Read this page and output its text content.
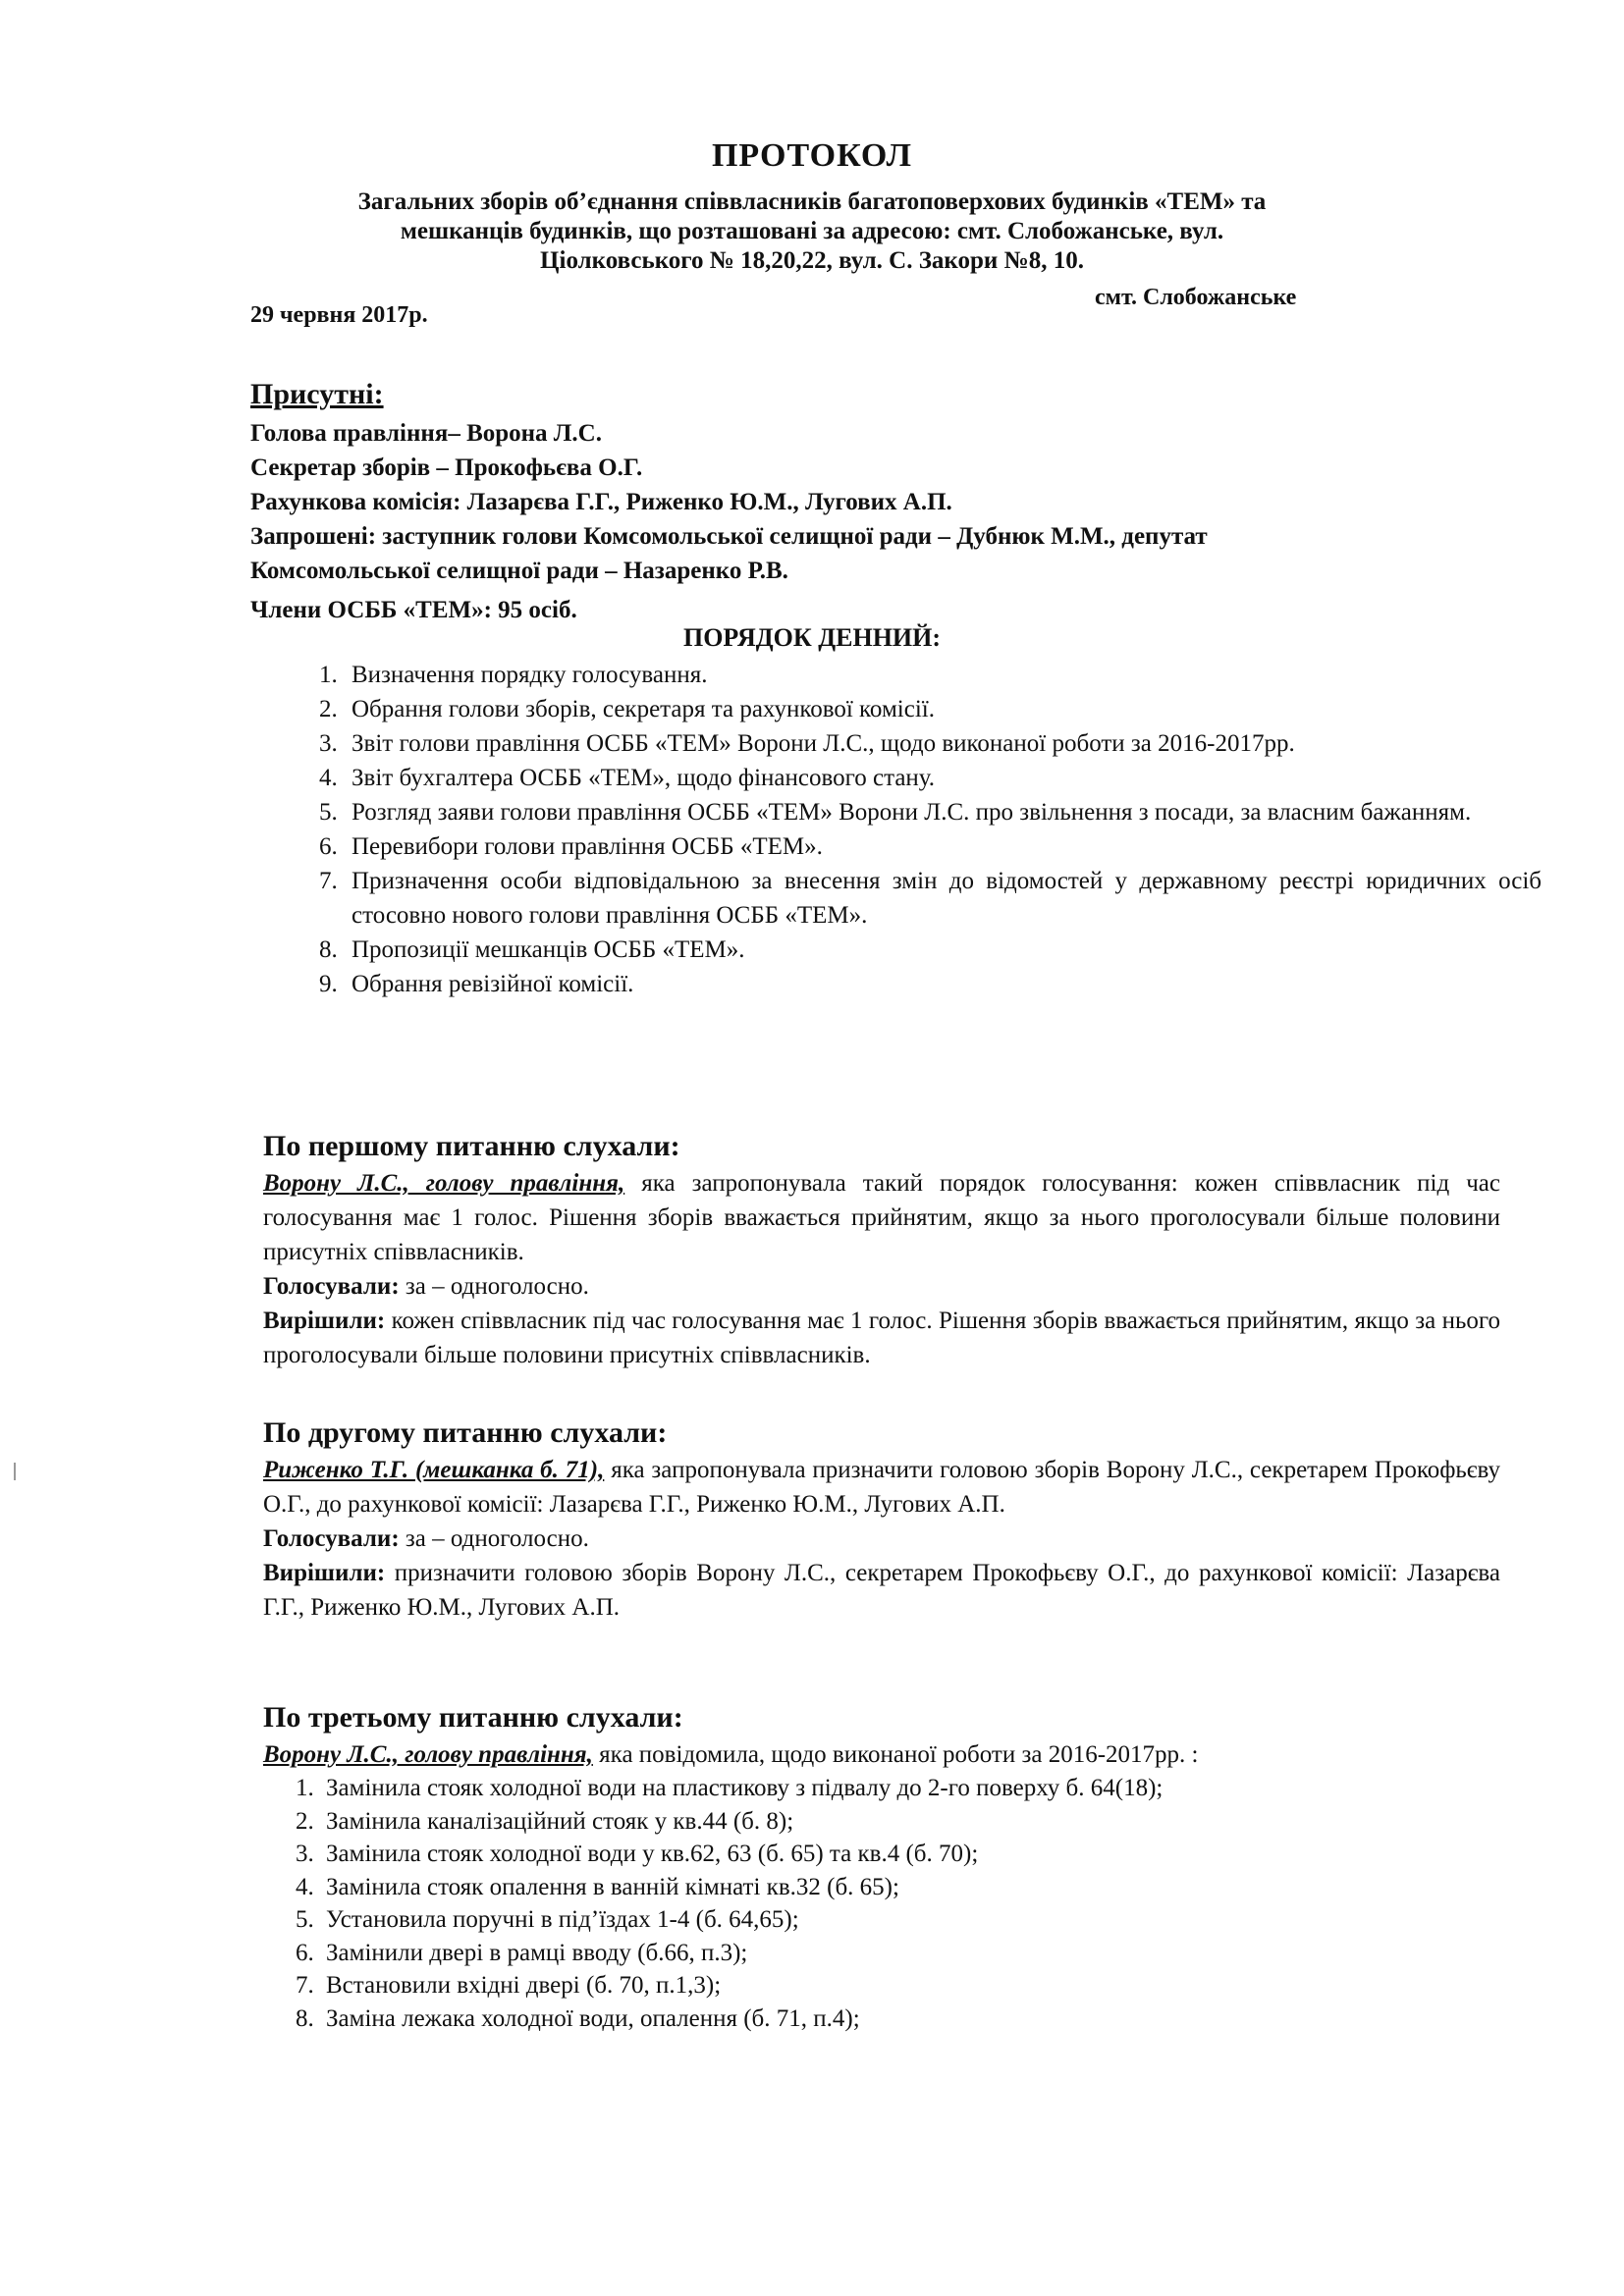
ПРОТОКОЛ
Загальних зборів об’єднання співвласників багатоповерхових будинків «ТЕМ» та
мешканців будинків, що розташовані за адресою: смт. Слобожанське, вул.
Ціолковського № 18,20,22, вул. С. Закори №8, 10.
29 червня 2017р.
смт. Слобожанське
Присутні:
Голова правління– Ворона Л.С.
Секретар зборів – Прокофьєва О.Г.
Рахункова комісія: Лазарєва Г.Г., Риженко Ю.М., Лугових А.П.
Запрошені: заступник голови Комсомольської селищної ради – Дубнюк М.М., депутат
Комсомольської селищної ради – Назаренко Р.В.
Члени ОСББ «ТЕМ»: 95 осіб.
ПОРЯДОК ДЕННИЙ:
1. Визначення порядку голосування.
2. Обрання голови зборів, секретаря та рахункової комісії.
3. Звіт голови правління ОСББ «ТЕМ» Ворони Л.С., щодо виконаної роботи за 2016-2017рр.
4. Звіт бухгалтера ОСББ «ТЕМ», щодо фінансового стану.
5. Розгляд заяви голови правління ОСББ «ТЕМ» Ворони Л.С. про звільнення з посади, за власним бажанням.
6. Перевибори голови правління ОСББ «ТЕМ».
7. Призначення особи відповідальною за внесення змін до відомостей у державному реєстрі юридичних осіб стосовно нового голови правління ОСББ «ТЕМ».
8. Пропозиції мешканців ОСББ «ТЕМ».
9. Обрання ревізійної комісії.
По першому питанню слухали:

Ворону Л.С., голову правління, яка запропонувала такий порядок голосування: кожен співвласник під час голосування має 1 голос. Рішення зборів вважається прийнятим, якщо за нього проголосували більше половини присутніх співвласників.

Голосували: за – одноголосно.

Вирішили: кожен співвласник під час голосування має 1 голос. Рішення зборів вважається прийнятим, якщо за нього проголосували більше половини присутніх співвласників.

По другому питанню слухали:

Риженко Т.Г. (мешканка б. 71), яка запропонувала призначити головою зборів Ворону Л.С., секретарем Прокофьєву О.Г., до рахункової комісії: Лазарєва Г.Г., Риженко Ю.М., Лугових А.П.

Голосували: за – одноголосно.

Вирішили: призначити головою зборів Ворону Л.С., секретарем Прокофьєву О.Г., до рахункової комісії: Лазарєва Г.Г., Риженко Ю.М., Лугових А.П.

По третьому питанню слухали:

Ворону Л.С., голову правління, яка повідомила, щодо виконаної роботи за 2016-2017рр. :

1. Замінила стояк холодної води на пластикову з підвалу до 2-го поверху б. 64(18);
2. Замінила каналізаційний стояк у кв.44 (б. 8);
3. Замінила стояк холодної води у кв.62, 63 (б. 65) та кв.4 (б. 70);
4. Замінила стояк опалення в ванній кімнаті кв.32 (б. 65);
5. Установила поручні в під’їздах 1-4 (б. 64,65);
6. Замінили двері в рамці вводу (б.66, п.3);
7. Встановили вхідні двері (б. 70, п.1,3);
8. Заміна лежака холодної води, опалення (б. 71, п.4);
